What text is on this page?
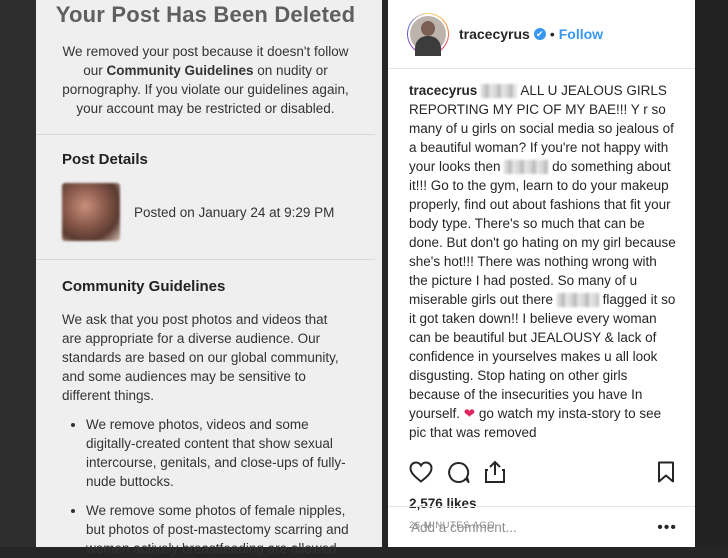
Your Post Has Been Deleted

We removed your post because it doesn't follow our Community Guidelines on nudity or pornography. If you violate our guidelines again, your account may be restricted or disabled.

Post Details
Posted on January 24 at 9:29 PM
Community Guidelines

We ask that you post photos and videos that are appropriate for a diverse audience. Our standards are based on our global community, and some audiences may be sensitive to different things.

• We remove photos, videos and some digitally-created content that show sexual intercourse, genitals, and close-ups of fully-nude buttocks.
• We remove some photos of female nipples, but photos of post-mastectomy scarring and women actively breastfeeding are allowed.
tracecyrus ✔ • Follow

tracecyrus	ALL U JEALOUS GIRLS REPORTING MY PIC OF MY BAE!!! Y r so many of u girls on social media so jealous of a beautiful woman? If you're not happy with your looks then	do something about it!!! Go to the gym, learn to do your makeup properly, find out about fashions that fit your body type. There's so much that can be done. But don't go hating on my girl because she's hot!!! There was nothing wrong with the picture I had posted. So many of u miserable girls out there	flagged it so it got taken down!! I believe every woman can be beautiful but JEALOUSY & lack of confidence in yourselves makes u all look disgusting. Stop hating on other girls because of the insecurities you have In yourself. ❤ go watch my insta-story to see pic that was removed

2,576 likes
26 MINUTES AGO
Add a comment...	•••
